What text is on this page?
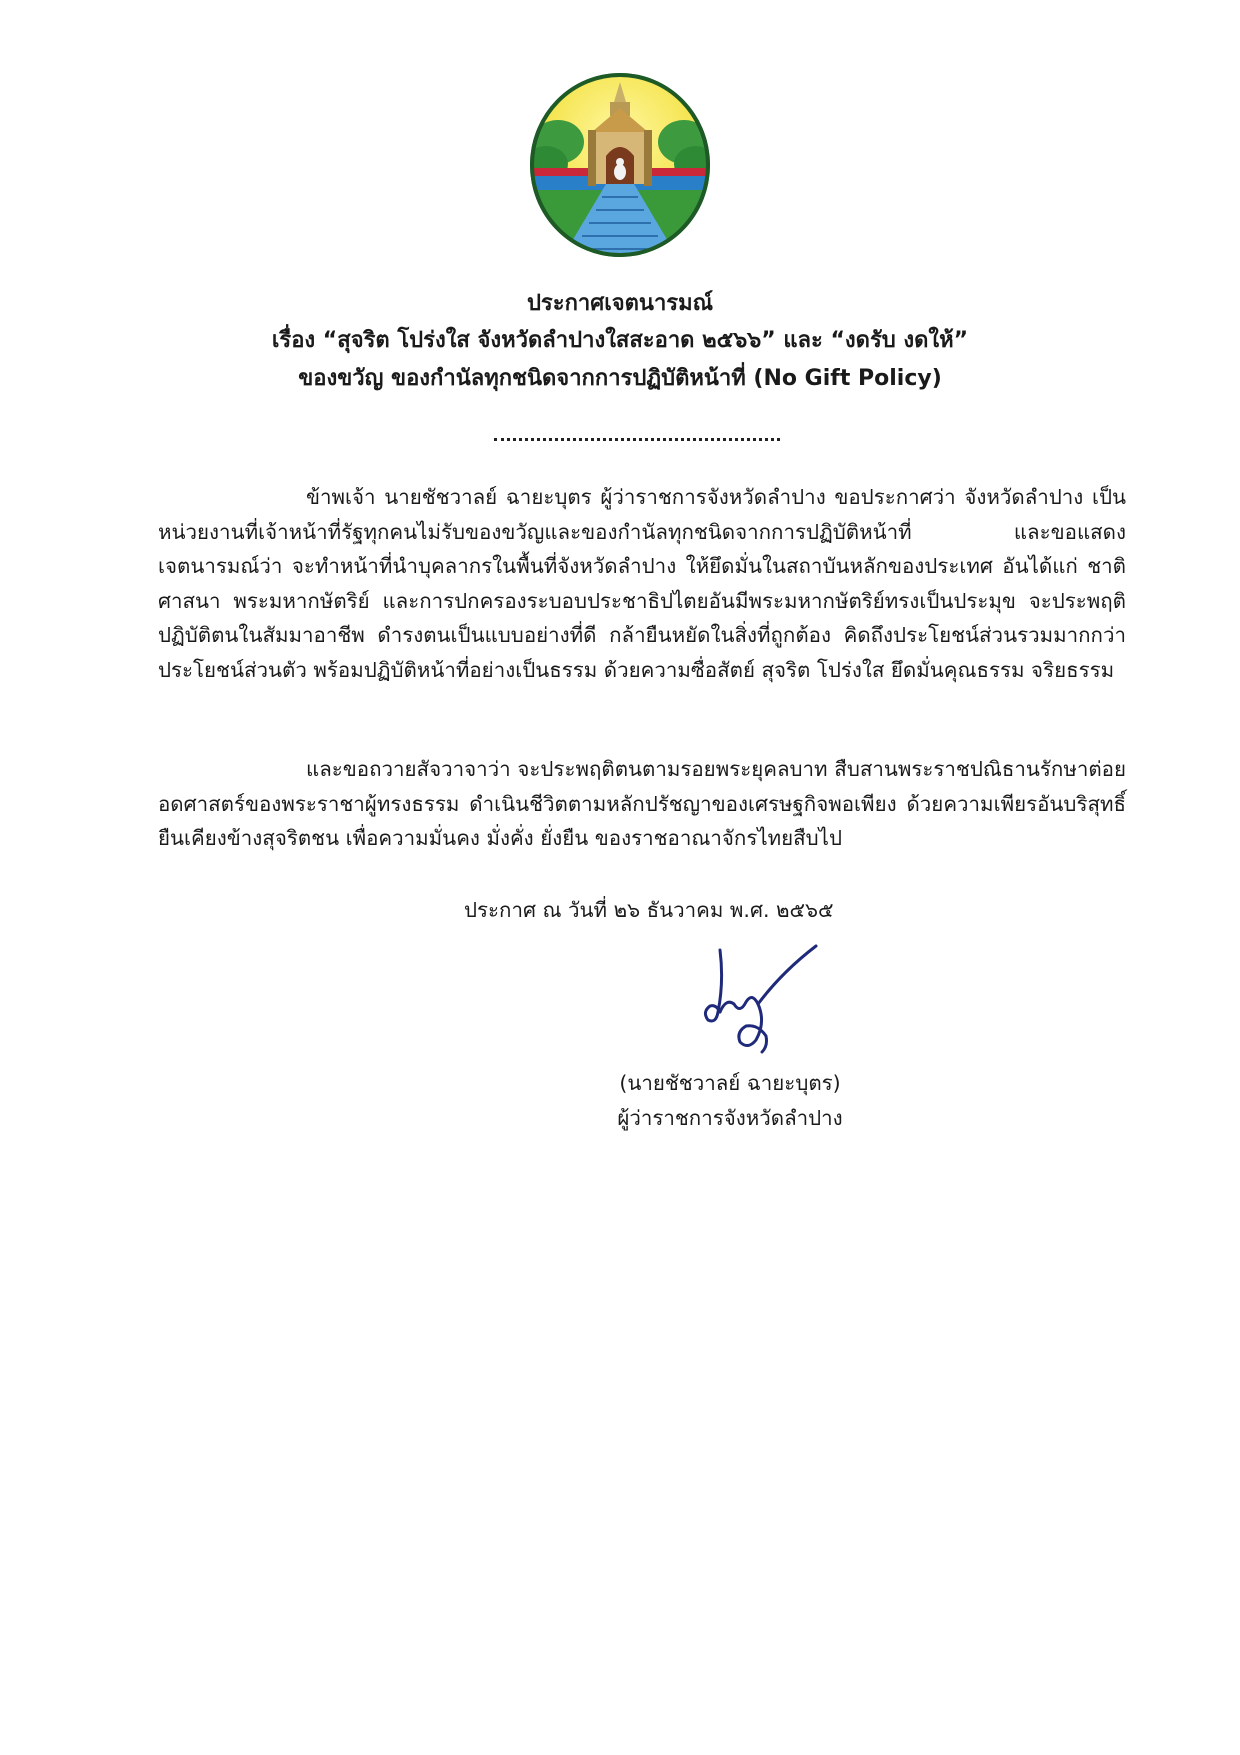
ประกาศเจตนารมณ์
เรื่อง “สุจริต โปร่งใส จังหวัดลำปางใสสะอาด ๒๕๖๖” และ “งดรับ งดให้”
ของขวัญ ของกำนัลทุกชนิดจากการปฏิบัติหน้าที่ (No Gift Policy)

ข้าพเจ้า นายชัชวาลย์ ฉายะบุตร ผู้ว่าราชการจังหวัดลำปาง ขอประกาศว่า จังหวัดลำปาง เป็นหน่วยงานที่เจ้าหน้าที่รัฐทุกคนไม่รับของขวัญและของกำนัลทุกชนิดจากการปฏิบัติหน้าที่ และขอแสดงเจตนารมณ์ว่า จะทำหน้าที่นำบุคลากรในพื้นที่จังหวัดลำปาง ให้ยึดมั่นในสถาบันหลักของประเทศ อันได้แก่ ชาติ ศาสนา พระมหากษัตริย์ และการปกครองระบอบประชาธิปไตยอันมีพระมหากษัตริย์ทรงเป็นประมุข จะประพฤติปฏิบัติตนในสัมมาอาชีพ ดำรงตนเป็นแบบอย่างที่ดี กล้ายืนหยัดในสิ่งที่ถูกต้อง คิดถึงประโยชน์ส่วนรวมมากกว่าประโยชน์ส่วนตัว พร้อมปฏิบัติหน้าที่อย่างเป็นธรรม ด้วยความซื่อสัตย์ สุจริต โปร่งใส ยึดมั่นคุณธรรม จริยธรรม

และขอถวายสัจวาจาว่า จะประพฤติตนตามรอยพระยุคลบาท สืบสานพระราชปณิธานรักษาต่อยอดศาสตร์ของพระราชาผู้ทรงธรรม ดำเนินชีวิตตามหลักปรัชญาของเศรษฐกิจพอเพียง ด้วยความเพียรอันบริสุทธิ์ ยืนเคียงข้างสุจริตชน เพื่อความมั่นคง มั่งคั่ง ยั่งยืน ของราชอาณาจักรไทยสืบไป

ประกาศ ณ วันที่ ๒๖ ธันวาคม พ.ศ. ๒๕๖๕
(นายชัชวาลย์ ฉายะบุตร)
ผู้ว่าราชการจังหวัดลำปาง
